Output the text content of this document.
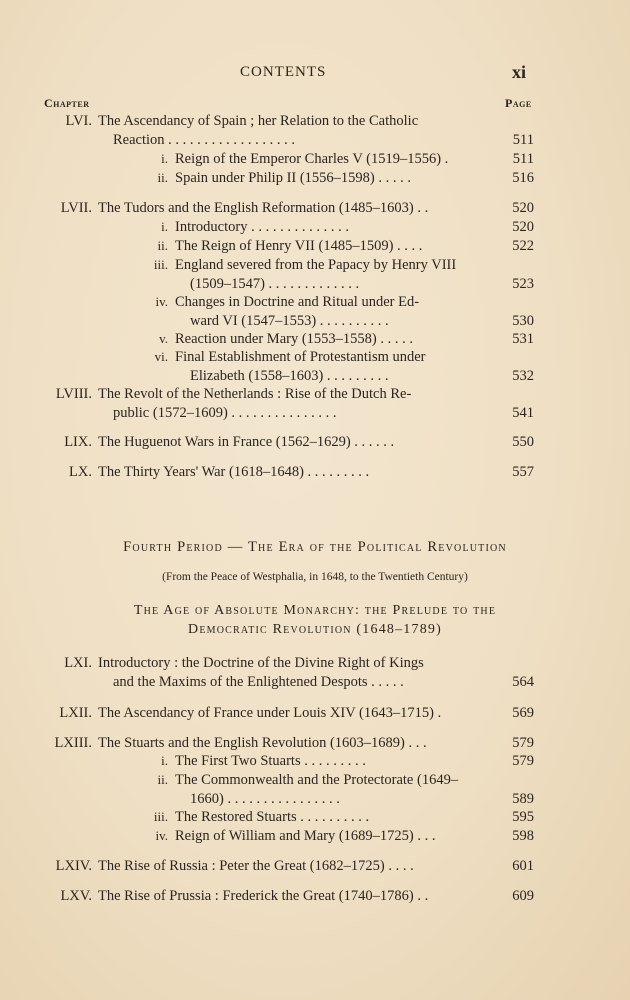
CONTENTS	xi
Chapter	Page
LVI. The Ascendancy of Spain ; her Relation to the Catholic
Reaction . . . . . . . . . . . . . . . . . .	511
i. Reign of the Emperor Charles V (1519–1556) .	511
ii. Spain under Philip II (1556–1598) . . . . .	516
LVII. The Tudors and the English Reformation (1485–1603) . .	520
i. Introductory . . . . . . . . . . . . . .	520
ii. The Reign of Henry VII (1485–1509) . . . .	522
iii. England severed from the Papacy by Henry VIII
(1509–1547) . . . . . . . . . . . . .	523
iv. Changes in Doctrine and Ritual under Ed-
ward VI (1547–1553) . . . . . . . . . .	530
v. Reaction under Mary (1553–1558) . . . . .	531
vi. Final Establishment of Protestantism under
Elizabeth (1558–1603) . . . . . . . . .	532
LVIII. The Revolt of the Netherlands : Rise of the Dutch Re-
public (1572–1609) . . . . . . . . . . . . . . .	541
LIX. The Huguenot Wars in France (1562–1629) . . . . . .	550
LX. The Thirty Years' War (1618–1648) . . . . . . . . .	557
Fourth Period — The Era of the Political Revolution
(From the Peace of Westphalia, in 1648, to the Twentieth Century)
The Age of Absolute Monarchy: the Prelude to the
Democratic Revolution (1648–1789)
LXI. Introductory : the Doctrine of the Divine Right of Kings
and the Maxims of the Enlightened Despots . . . . .	564
LXII. The Ascendancy of France under Louis XIV (1643–1715) .	569
LXIII. The Stuarts and the English Revolution (1603–1689) . . .	579
i. The First Two Stuarts . . . . . . . . .	579
ii. The Commonwealth and the Protectorate (1649–
1660) . . . . . . . . . . . . . . . .	589
iii. The Restored Stuarts . . . . . . . . . .	595
iv. Reign of William and Mary (1689–1725) . . .	598
LXIV. The Rise of Russia : Peter the Great (1682–1725) . . . .	601
LXV. The Rise of Prussia : Frederick the Great (1740–1786) . .	609
